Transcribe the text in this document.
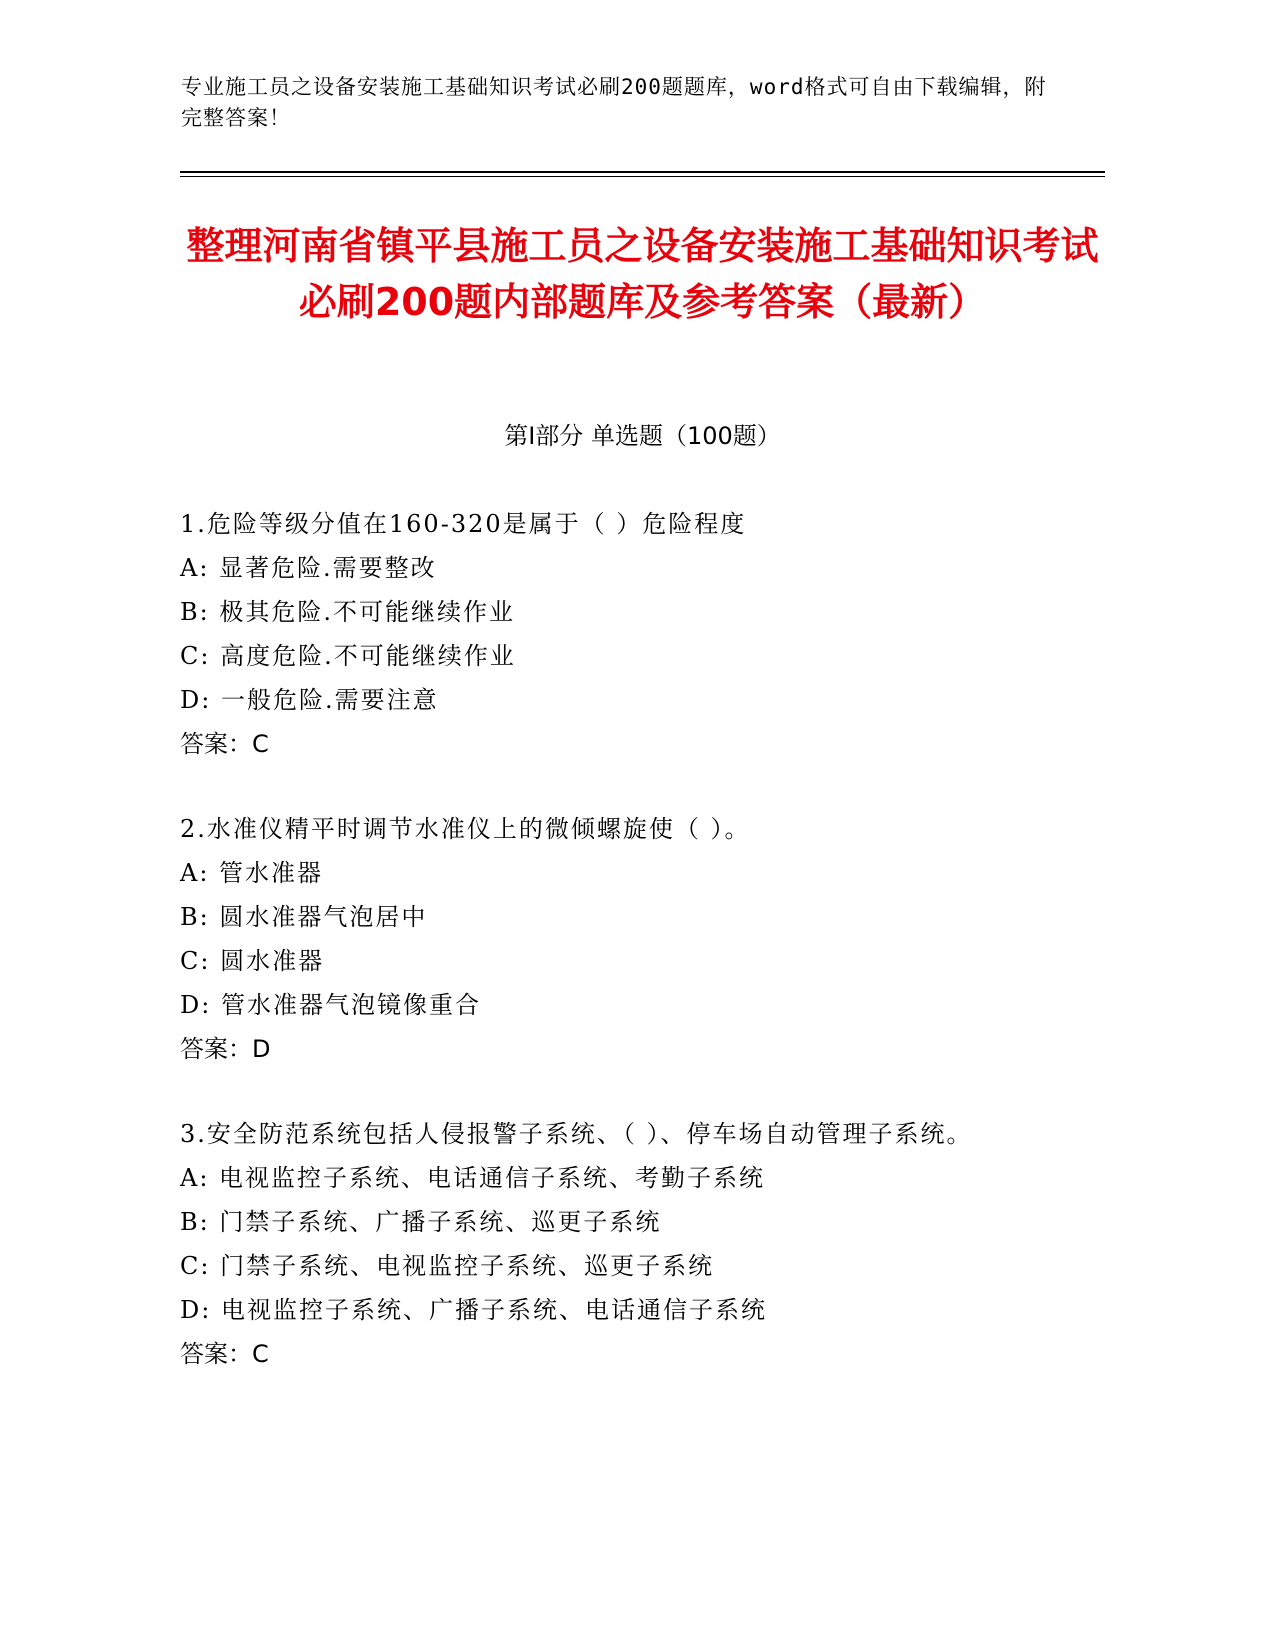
专业施工员之设备安装施工基础知识考试必刷200题题库，word格式可自由下载编辑，附完整答案！
整理河南省镇平县施工员之设备安装施工基础知识考试必刷200题内部题库及参考答案（最新）
第Ⅰ部分 单选题（100题）
1.危险等级分值在160-320是属于（ ）危险程度
A: 显著危险.需要整改
B: 极其危险.不可能继续作业
C: 高度危险.不可能继续作业
D: 一般危险.需要注意
答案：C
2.水准仪精平时调节水准仪上的微倾螺旋使（ ）。
A: 管水准器
B: 圆水准器气泡居中
C: 圆水准器
D: 管水准器气泡镜像重合
答案：D
3.安全防范系统包括人侵报警子系统、（ ）、停车场自动管理子系统。
A: 电视监控子系统、电话通信子系统、考勤子系统
B: 门禁子系统、广播子系统、巡更子系统
C: 门禁子系统、电视监控子系统、巡更子系统
D: 电视监控子系统、广播子系统、电话通信子系统
答案：C
